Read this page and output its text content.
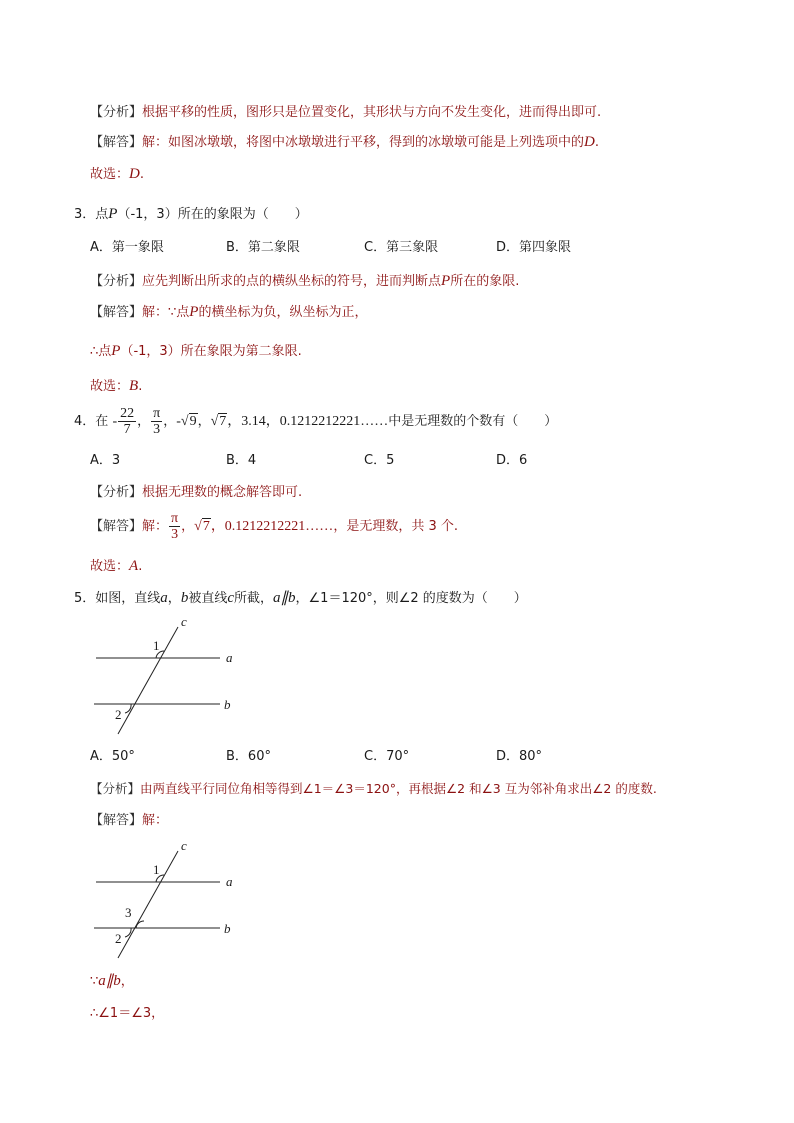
【分析】根据平移的性质，图形只是位置变化，其形状与方向不发生变化，进而得出即可.
【解答】解：如图冰墩墩，将图中冰墩墩进行平移，得到的冰墩墩可能是上列选项中的D.
故选：D.
3．点P（-1，3）所在的象限为（　　）
A．第一象限	B．第二象限	C．第三象限	D．第四象限
【分析】应先判断出所求的点的横纵坐标的符号，进而判断点P所在的象限.
【解答】解：∵点P的横坐标为负，纵坐标为正，
∴点P（-1，3）所在象限为第二象限.
故选：B.
4．在 - $\frac{22}{7}$ ， $\frac{\pi}{3}$ ，-√9，√7，3.14，0.1212212221……中是无理数的个数有（　　）
A．3	B．4	C．5	D．6
【分析】根据无理数的概念解答即可.
【解答】解： $\frac{\pi}{3}$ ，√7，0.1212212221……，是无理数，共 3 个.
故选：A.
5．如图，直线a，b被直线c所截，a∥b，∠1＝120°，则∠2 的度数为（　　）
c
a
b
1
2
c
a
b
1
3
2
A．50°	B．60°	C．70°	D．80°
【分析】由两直线平行同位角相等得到∠1＝∠3＝120°，再根据∠2 和∠3 互为邻补角求出∠2 的度数.
【解答】解：
∵a∥b，
∴∠1＝∠3，
